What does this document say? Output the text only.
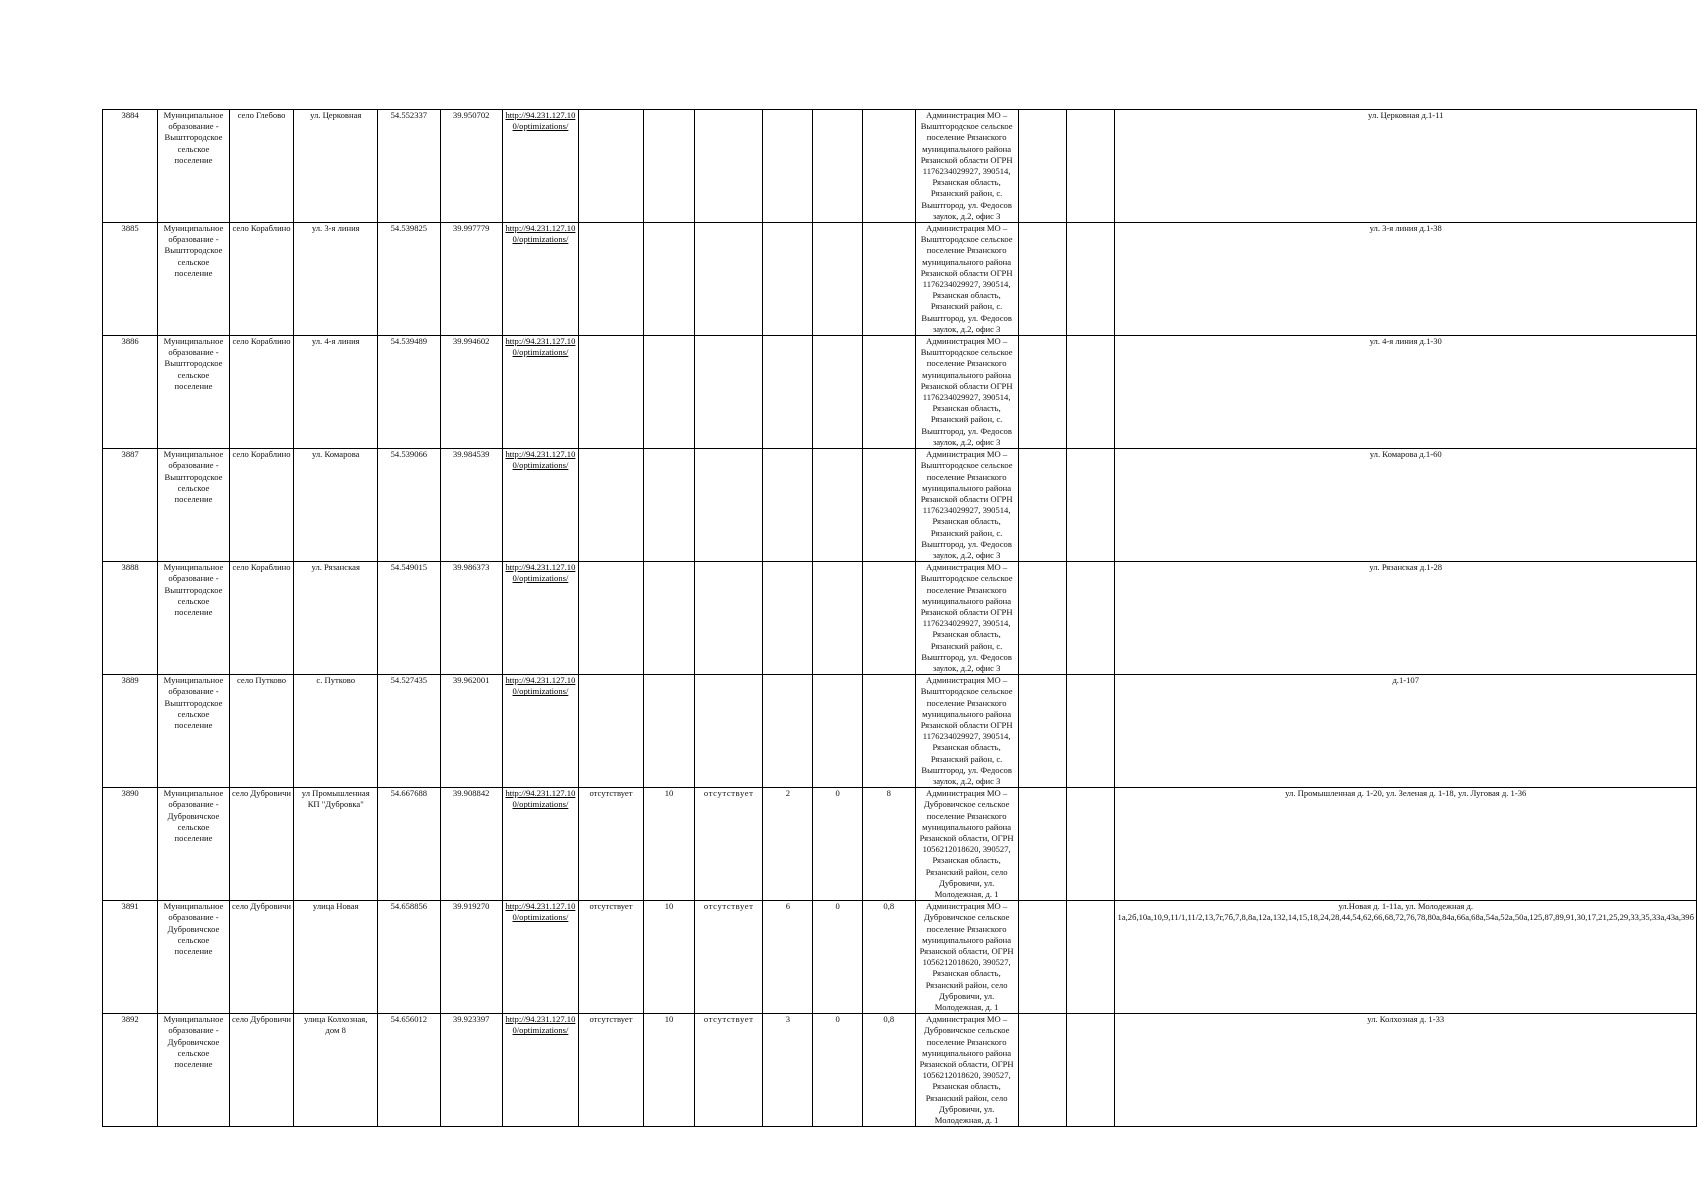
3884	Муниципальное образование - Выштгородское сельское поселение	село Глебово	ул. Церковная	54.552337	39.950702	http://94.231.127.10 0/optimizations/							Администрация МО – Выштгородское сельское поселение Рязанского муниципального района Рязанской области ОГРН 1176234029927, 390514, Рязанская область, Рязанский район, с. Выштгород, ул. Федосов заулок, д.2, офис 3			ул. Церковная д.1-11
3885	Муниципальное образование - Выштгородское сельское поселение	село Кораблино	ул. 3-я линия	54.539825	39.997779	http://94.231.127.10 0/optimizations/							Администрация МО – Выштгородское сельское поселение Рязанского муниципального района Рязанской области ОГРН 1176234029927, 390514, Рязанская область, Рязанский район, с. Выштгород, ул. Федосов заулок, д.2, офис 3			ул. 3-я линия д.1-38
3886	Муниципальное образование - Выштгородское сельское поселение	село Кораблино	ул. 4-я линия	54.539489	39.994602	http://94.231.127.10 0/optimizations/							Администрация МО – Выштгородское сельское поселение Рязанского муниципального района Рязанской области ОГРН 1176234029927, 390514, Рязанская область, Рязанский район, с. Выштгород, ул. Федосов заулок, д.2, офис 3			ул. 4-я линия д.1-30
3887	Муниципальное образование - Выштгородское сельское поселение	село Кораблино	ул. Комарова	54.539066	39.984539	http://94.231.127.10 0/optimizations/							Администрация МО – Выштгородское сельское поселение Рязанского муниципального района Рязанской области ОГРН 1176234029927, 390514, Рязанская область, Рязанский район, с. Выштгород, ул. Федосов заулок, д.2, офис 3			ул. Комарова д.1-60
3888	Муниципальное образование - Выштгородское сельское поселение	село Кораблино	ул. Рязанская	54.549015	39.986373	http://94.231.127.10 0/optimizations/							Администрация МО – Выштгородское сельское поселение Рязанского муниципального района Рязанской области ОГРН 1176234029927, 390514, Рязанская область, Рязанский район, с. Выштгород, ул. Федосов заулок, д.2, офис 3			ул. Рязанская д.1-28
3889	Муниципальное образование - Выштгородское сельское поселение	село Путково	с. Путково	54.527435	39.962001	http://94.231.127.10 0/optimizations/							Администрация МО – Выштгородское сельское поселение Рязанского муниципального района Рязанской области ОГРН 1176234029927, 390514, Рязанская область, Рязанский район, с. Выштгород, ул. Федосов заулок, д.2, офис 3			д.1-107
3890	Муниципальное образование - Дубровичское сельское поселение	село Дубровичи	ул Промышленная КП "Дубровка"	54.667688	39.908842	http://94.231.127.10 0/optimizations/	отсутствует	10	отсутствует	2	0	8	Администрация МО – Дубровичское сельское поселение Рязанского муниципального района Рязанской области, ОГРН 1056212018620, 390527, Рязанская область, Рязанский район, село Дубровичи, ул. Молодежная, д. 1			ул. Промышленная д. 1-20, ул. Зеленая д. 1-18, ул. Луговая д. 1-36
3891	Муниципальное образование - Дубровичское сельское поселение	село Дубровичи	улица Новая	54.658856	39.919270	http://94.231.127.10 0/optimizations/	отсутствует	10	отсутствует	6	0	0,8	Администрация МО – Дубровичское сельское поселение Рязанского муниципального района Рязанской области, ОГРН 1056212018620, 390527, Рязанская область, Рязанский район, село Дубровичи, ул. Молодежная, д. 1			ул.Новая д. 1-11а, ул. Молодежная д. 1а,2б,10а,10,9,11/1,11/2,13,7г,7б,7,8,8а,12а,132,14,15,18,24,28,44,54,62,66,68,72,76,78,80а,84а,66а,68а,54а,52а,50а,125,87,89,91,30,17,21,25,29,33,35,33а,43а,39б
3892	Муниципальное образование - Дубровичское сельское поселение	село Дубровичи	улица Колхозная, дом 8	54.656012	39.923397	http://94.231.127.10 0/optimizations/	отсутствует	10	отсутствует	3	0	0,8	Администрация МО – Дубровичское сельское поселение Рязанского муниципального района Рязанской области, ОГРН 1056212018620, 390527, Рязанская область, Рязанский район, село Дубровичи, ул. Молодежная, д. 1			ул. Колхозная д. 1-33
